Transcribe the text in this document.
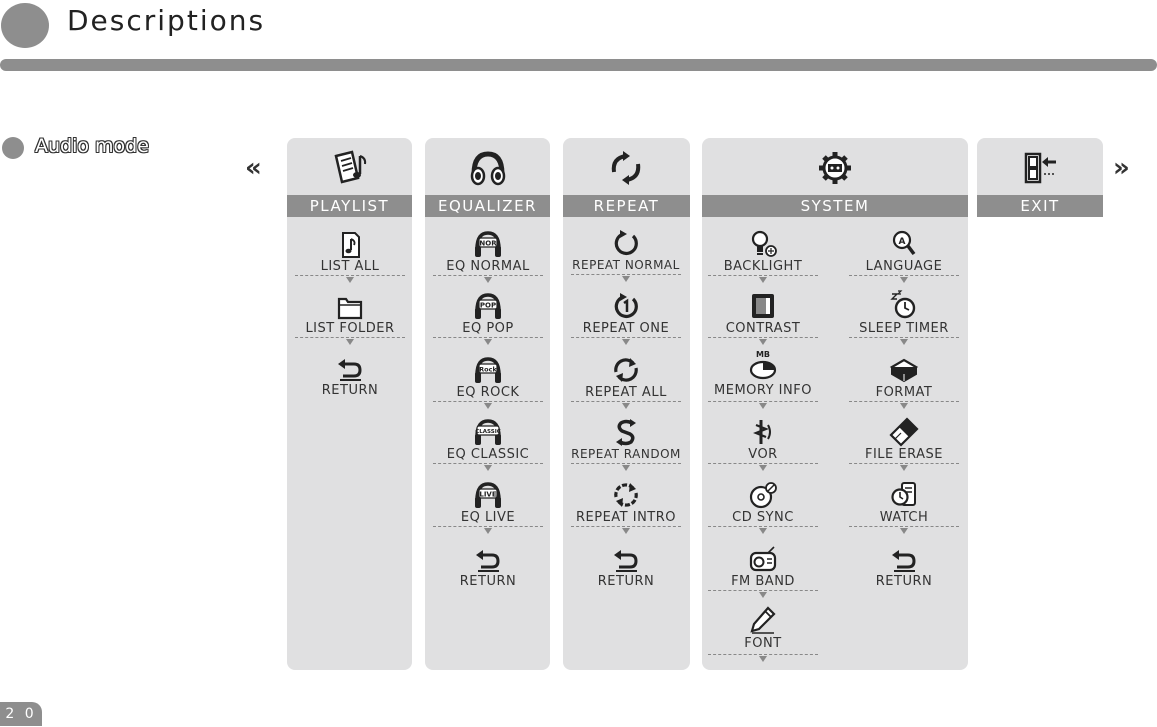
Descriptions
Audio mode
«	»
PLAYLIST	EQUALIZER	REPEAT	SYSTEM	EXIT
LIST ALL
LIST FOLDER
RETURN
NOR
EQ NORMAL
POP
EQ POP
Rock
EQ ROCK
CLASSIC
EQ CLASSIC
LIVE
EQ LIVE
RETURN
REPEAT NORMAL
REPEAT ONE
REPEAT ALL
REPEAT RANDOM
REPEAT INTRO
RETURN
BACKLIGHT
CONTRAST
MB
MEMORY INFO
VOR
CD SYNC
FM BAND
FONT
A
LANGUAGE
SLEEP TIMER
FORMAT
FILE ERASE
WATCH
RETURN
2 0
